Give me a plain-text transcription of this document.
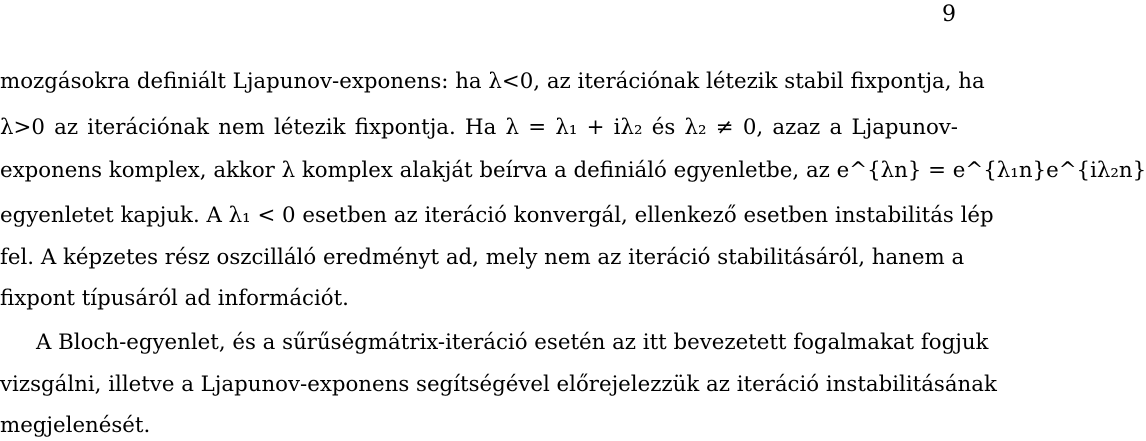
9
mozgásokra definiált Ljapunov-exponens: ha λ<0, az iterációnak létezik stabil fixpontja, ha
λ>0 az iterációnak nem létezik fixpontja. Ha λ = λ₁ + iλ₂ és λ₂ ≠ 0, azaz a Ljapunov-
exponens komplex, akkor λ komplex alakját beírva a definiáló egyenletbe, az e^{λn} = e^{λ₁n}e^{iλ₂n}
egyenletet kapjuk. A λ₁ < 0 esetben az iteráció konvergál, ellenkező esetben instabilitás lép
fel. A képzetes rész oszcilláló eredményt ad, mely nem az iteráció stabilitásáról, hanem a
fixpont típusáról ad információt.
A Bloch-egyenlet, és a sűrűségmátrix-iteráció esetén az itt bevezetett fogalmakat fogjuk
vizsgálni, illetve a Ljapunov-exponens segítségével előrejelezzük az iteráció instabilitásának
megjelenését.
